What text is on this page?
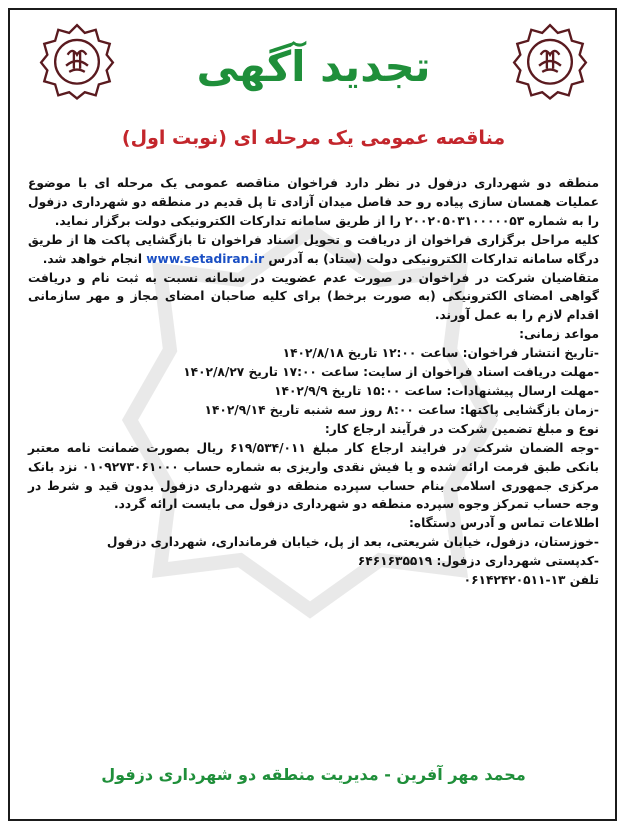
تجدید آگهی
مناقصه عمومی یک مرحله ای (نوبت اول)

منطقه دو شهرداری دزفول در نظر دارد فراخوان مناقصه عمومی یک مرحله ای با موضوع عملیات همسان سازی پیاده رو حد فاصل میدان آزادی تا پل قدیم در منطقه دو شهرداری دزفول را به شماره ۲۰۰۲۰۵۰۳۱۰۰۰۰۰۵۳ را از طریق سامانه تدارکات الکترونیکی دولت برگزار نماید.

کلیه مراحل برگزاری فراخوان از دریافت و تحویل اسناد فراخوان تا بازگشایی پاکت ها از طریق درگاه سامانه تدارکات الکترونیکی دولت (ستاد) به آدرس www.setadiran.ir انجام خواهد شد.

متقاضیان شرکت در فراخوان در صورت عدم عضویت در سامانه نسبت به ثبت نام و دریافت گواهی امضای الکترونیکی (به صورت برخط) برای کلیه صاحبان امضای مجاز و مهر سازمانی اقدام لازم را به عمل آورند.

مواعد زمانی:

-تاریخ انتشار فراخوان: ساعت ۱۲:۰۰ تاریخ ۱۴۰۲/۸/۱۸

-مهلت دریافت اسناد فراخوان از سایت: ساعت ۱۷:۰۰ تاریخ ۱۴۰۲/۸/۲۷

-مهلت ارسال پیشنهادات: ساعت ۱۵:۰۰ تاریخ ۱۴۰۲/۹/۹

-زمان بازگشایی پاکتها: ساعت ۸:۰۰ روز سه شنبه تاریخ ۱۴۰۲/۹/۱۴

نوع و مبلغ تضمین شرکت در فرآیند ارجاع کار:

-وجه الضمان شرکت در فرایند ارجاع کار مبلغ ۶۱۹/۵۳۴/۰۱۱ ریال بصورت ضمانت نامه معتبر بانکی طبق فرمت ارائه شده و یا فیش نقدی واریزی به شماره حساب ۰۱۰۹۲۷۳۰۶۱۰۰۰ نزد بانک مرکزی جمهوری اسلامی بنام حساب سپرده منطقه دو شهرداری دزفول بدون قید و شرط در وجه حساب تمرکز وجوه سپرده منطقه دو شهرداری دزفول می بایست ارائه گردد.

اطلاعات تماس و آدرس دستگاه:

-خوزستان، دزفول، خیابان شریعتی، بعد از پل، خیابان فرمانداری، شهرداری دزفول

-کدپستی شهرداری دزفول: ۶۴۶۱۶۳۵۵۱۹

تلفن ۱۳-۰۶۱۴۲۴۲۰۵۱۱

محمد مهر آفرین - مدیریت منطقه دو شهرداری دزفول
